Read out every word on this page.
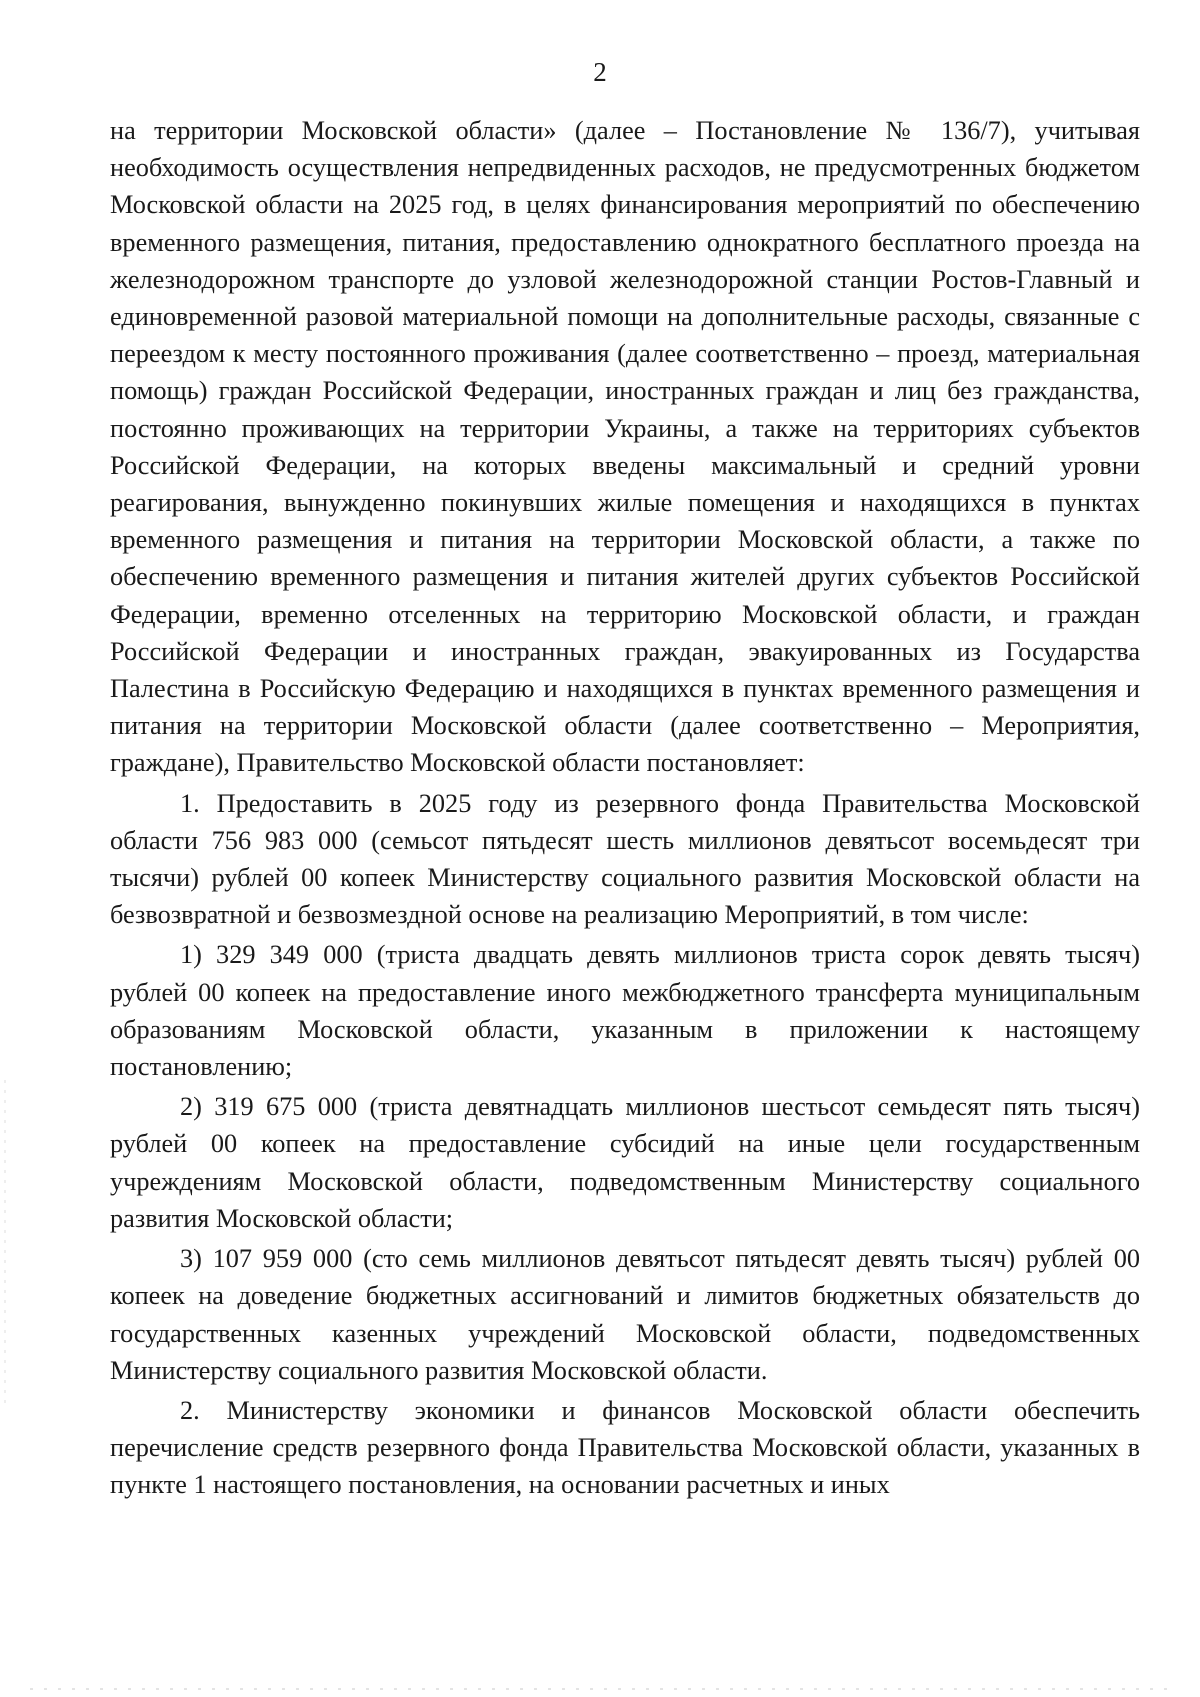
2

на территории Московской области» (далее – Постановление № 136/7), учитывая необходимость осуществления непредвиденных расходов, не предусмотренных бюджетом Московской области на 2025 год, в целях финансирования мероприятий по обеспечению временного размещения, питания, предоставлению однократного бесплатного проезда на железнодорожном транспорте до узловой железнодорожной станции Ростов-Главный и единовременной разовой материальной помощи на дополнительные расходы, связанные с переездом к месту постоянного проживания (далее соответственно – проезд, материальная помощь) граждан Российской Федерации, иностранных граждан и лиц без гражданства, постоянно проживающих на территории Украины, а также на территориях субъектов Российской Федерации, на которых введены максимальный и средний уровни реагирования, вынужденно покинувших жилые помещения и находящихся в пунктах временного размещения и питания на территории Московской области, а также по обеспечению временного размещения и питания жителей других субъектов Российской Федерации, временно отселенных на территорию Московской области, и граждан Российской Федерации и иностранных граждан, эвакуированных из Государства Палестина в Российскую Федерацию и находящихся в пунктах временного размещения и питания на территории Московской области (далее соответственно – Мероприятия, граждане), Правительство Московской области постановляет:

1. Предоставить в 2025 году из резервного фонда Правительства Московской области 756 983 000 (семьсот пятьдесят шесть миллионов девятьсот восемьдесят три тысячи) рублей 00 копеек Министерству социального развития Московской области на безвозвратной и безвозмездной основе на реализацию Мероприятий, в том числе:

1) 329 349 000 (триста двадцать девять миллионов триста сорок девять тысяч) рублей 00 копеек на предоставление иного межбюджетного трансферта муниципальным образованиям Московской области, указанным в приложении к настоящему постановлению;

2) 319 675 000 (триста девятнадцать миллионов шестьсот семьдесят пять тысяч) рублей 00 копеек на предоставление субсидий на иные цели государственным учреждениям Московской области, подведомственным Министерству социального развития Московской области;

3) 107 959 000 (сто семь миллионов девятьсот пятьдесят девять тысяч) рублей 00 копеек на доведение бюджетных ассигнований и лимитов бюджетных обязательств до государственных казенных учреждений Московской области, подведомственных Министерству социального развития Московской области.

2. Министерству экономики и финансов Московской области обеспечить перечисление средств резервного фонда Правительства Московской области, указанных в пункте 1 настоящего постановления, на основании расчетных и иных
